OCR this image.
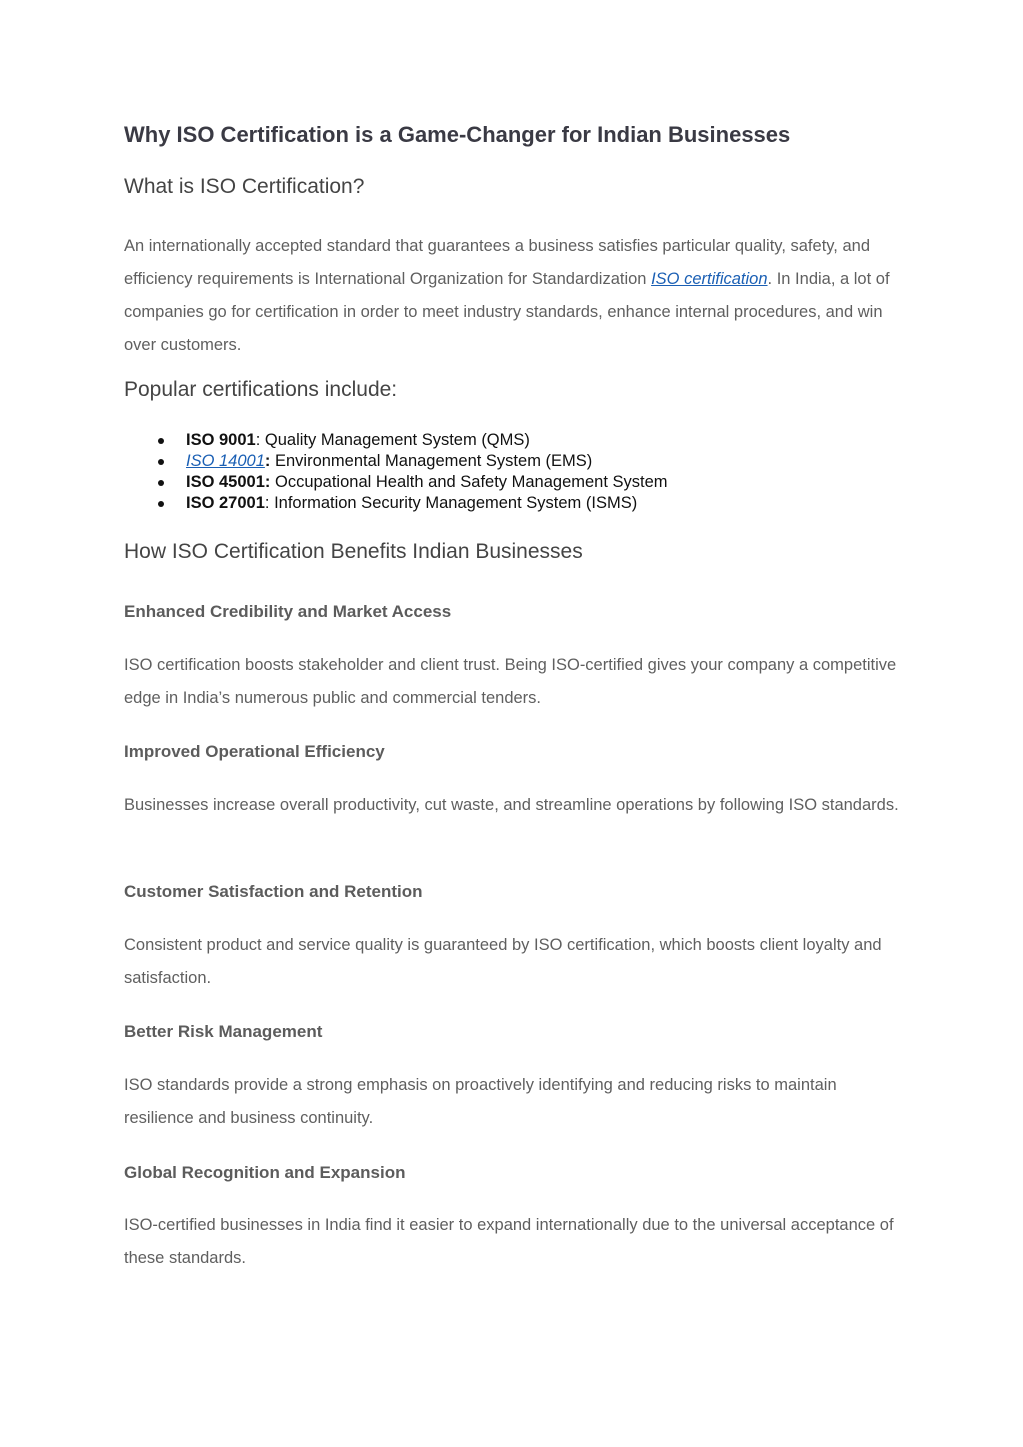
Why ISO Certification is a Game-Changer for Indian Businesses
What is ISO Certification?

An internationally accepted standard that guarantees a business satisfies particular quality, safety, and efficiency requirements is International Organization for Standardization ISO certification. In India, a lot of companies go for certification in order to meet industry standards, enhance internal procedures, and win over customers.

Popular certifications include:
ISO 9001: Quality Management System (QMS)
ISO 14001: Environmental Management System (EMS)
ISO 45001: Occupational Health and Safety Management System
ISO 27001: Information Security Management System (ISMS)
How ISO Certification Benefits Indian Businesses
Enhanced Credibility and Market Access

ISO certification boosts stakeholder and client trust. Being ISO-certified gives your company a competitive edge in India’s numerous public and commercial tenders.

Improved Operational Efficiency

Businesses increase overall productivity, cut waste, and streamline operations by following ISO standards.

Customer Satisfaction and Retention

Consistent product and service quality is guaranteed by ISO certification, which boosts client loyalty and satisfaction.

Better Risk Management

ISO standards provide a strong emphasis on proactively identifying and reducing risks to maintain resilience and business continuity.

Global Recognition and Expansion

ISO-certified businesses in India find it easier to expand internationally due to the universal acceptance of these standards.
